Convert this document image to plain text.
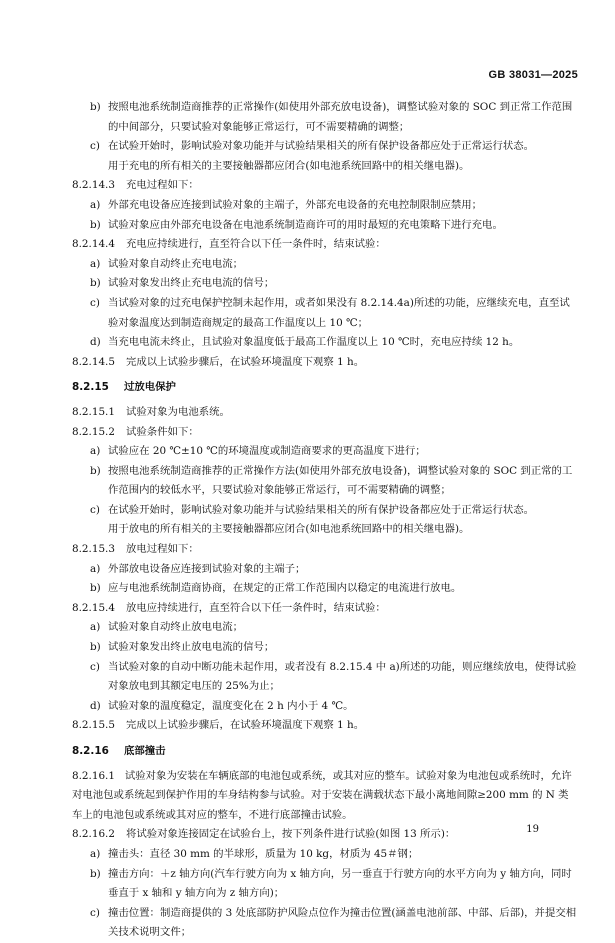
GB 38031—2025
b) 按照电池系统制造商推荐的正常操作(如使用外部充放电设备)，调整试验对象的 SOC 到正常工作范围的中间部分，只要试验对象能够正常运行，可不需要精确的调整；
c) 在试验开始时，影响试验对象功能并与试验结果相关的所有保护设备都应处于正常运行状态。

用于充电的所有相关的主要接触器都应闭合(如电池系统回路中的相关继电器)。

8.2.14.3	充电过程如下：
a) 外部充电设备应连接到试验对象的主端子，外部充电设备的充电控制限制应禁用；
b) 试验对象应由外部充电设备在电池系统制造商许可的用时最短的充电策略下进行充电。
8.2.14.4	充电应持续进行，直至符合以下任一条件时，结束试验：
a) 试验对象自动终止充电电流；
b) 试验对象发出终止充电电流的信号；
c) 当试验对象的过充电保护控制未起作用，或者如果没有 8.2.14.4a)所述的功能，应继续充电，直至试验对象温度达到制造商规定的最高工作温度以上 10 ℃；
d) 当充电电流未终止，且试验对象温度低于最高工作温度以上 10 ℃时，充电应持续 12 h。
8.2.14.5	完成以上试验步骤后，在试验环境温度下观察 1 h。
8.2.15 过放电保护
8.2.15.1	试验对象为电池系统。
8.2.15.2	试验条件如下：
a) 试验应在 20 ℃±10 ℃的环境温度或制造商要求的更高温度下进行；
b) 按照电池系统制造商推荐的正常操作方法(如使用外部充放电设备)，调整试验对象的 SOC 到正常的工作范围内的较低水平，只要试验对象能够正常运行，可不需要精确的调整；
c) 在试验开始时，影响试验对象功能并与试验结果相关的所有保护设备都应处于正常运行状态。

用于放电的所有相关的主要接触器都应闭合(如电池系统回路中的相关继电器)。

8.2.15.3	放电过程如下：
a) 外部放电设备应连接到试验对象的主端子；
b) 应与电池系统制造商协商，在规定的正常工作范围内以稳定的电流进行放电。
8.2.15.4	放电应持续进行，直至符合以下任一条件时，结束试验：
a) 试验对象自动终止放电电流；
b) 试验对象发出终止放电电流的信号；
c) 当试验对象的自动中断功能未起作用，或者没有 8.2.15.4 中 a)所述的功能，则应继续放电，使得试验对象放电到其额定电压的 25%为止；
d) 试验对象的温度稳定，温度变化在 2 h 内小于 4 ℃。
8.2.15.5	完成以上试验步骤后，在试验环境温度下观察 1 h。
8.2.16 底部撞击

8.2.16.1 试验对象为安装在车辆底部的电池包或系统，或其对应的整车。试验对象为电池包或系统时，允许对电池包或系统起到保护作用的车身结构参与试验。对于安装在满载状态下最小离地间隙≥200 mm 的 N 类车上的电池包或系统或其对应的整车，不进行底部撞击试验。

8.2.16.2	将试验对象连接固定在试验台上，按下列条件进行试验(如图 13 所示)：
a) 撞击头：直径 30 mm 的半球形，质量为 10 kg，材质为 45＃钢；
b) 撞击方向：＋z 轴方向(汽车行驶方向为 x 轴方向，另一垂直于行驶方向的水平方向为 y 轴方向，同时垂直于 x 轴和 y 轴方向为 z 轴方向)；
c) 撞击位置：制造商提供的 3 处底部防护风险点位作为撞击位置(涵盖电池前部、中部、后部)，并提交相关技术说明文件；
19
